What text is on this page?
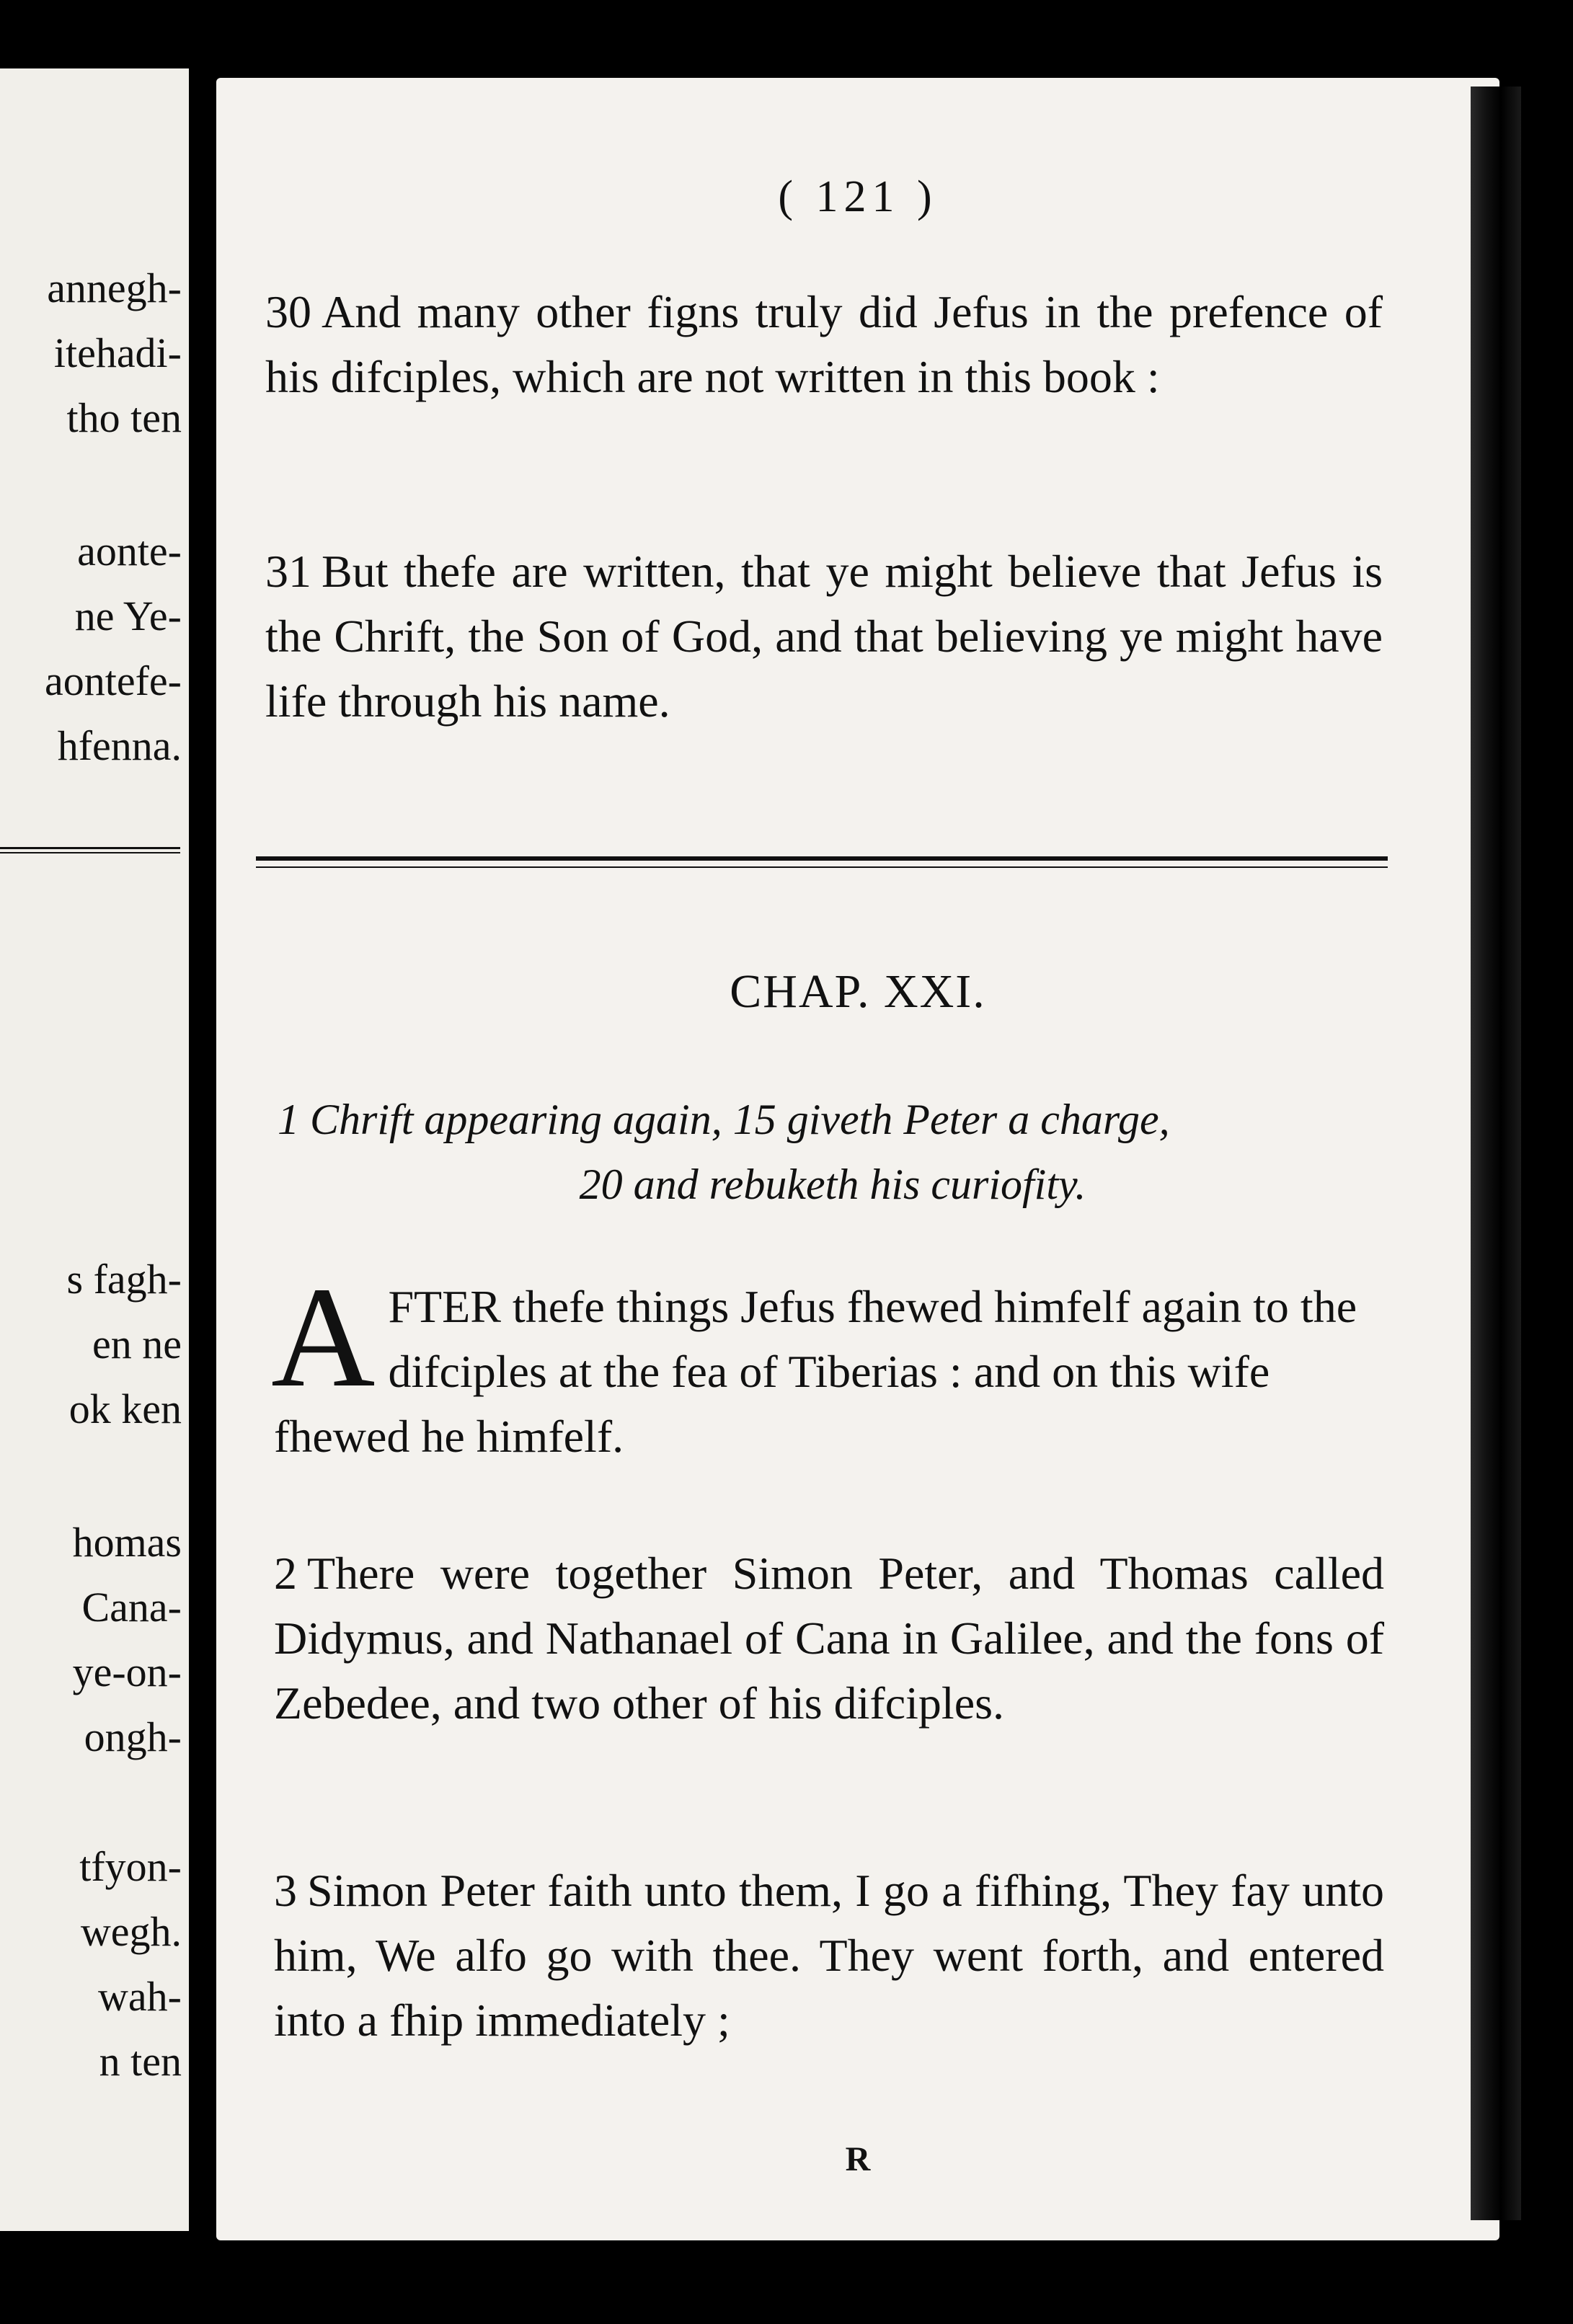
annegh-
itehadi-
tho ten
aonte-
ne Ye-
aontefe-
hfenna.
s fagh-
en ne
ok ken
homas
Cana-
ye-on-
ongh-
tfyon-
wegh.
wah-
n ten
( 121 )
30 And many other figns truly did Jefus in the prefence of his difciples, which are not written in this book :
31 But thefe are written, that ye might believe that Jefus is the Chrift, the Son of God, and that believing ye might have life through his name.
CHAP. XXI.
1 Chrift appearing again, 15 giveth Peter a charge,
20 and rebuketh his curiofity.
AFTER thefe things Jefus fhewed himfelf again to the difciples at the fea of Tiberias : and on this wife fhewed he himfelf.
2 There were together Simon Peter, and Thomas called Didymus, and Nathanael of Cana in Galilee, and the fons of Zebedee, and two other of his difciples.
3 Simon Peter faith unto them, I go a fifhing, They fay unto him, We alfo go with thee. They went forth, and entered into a fhip immediately ;
R
